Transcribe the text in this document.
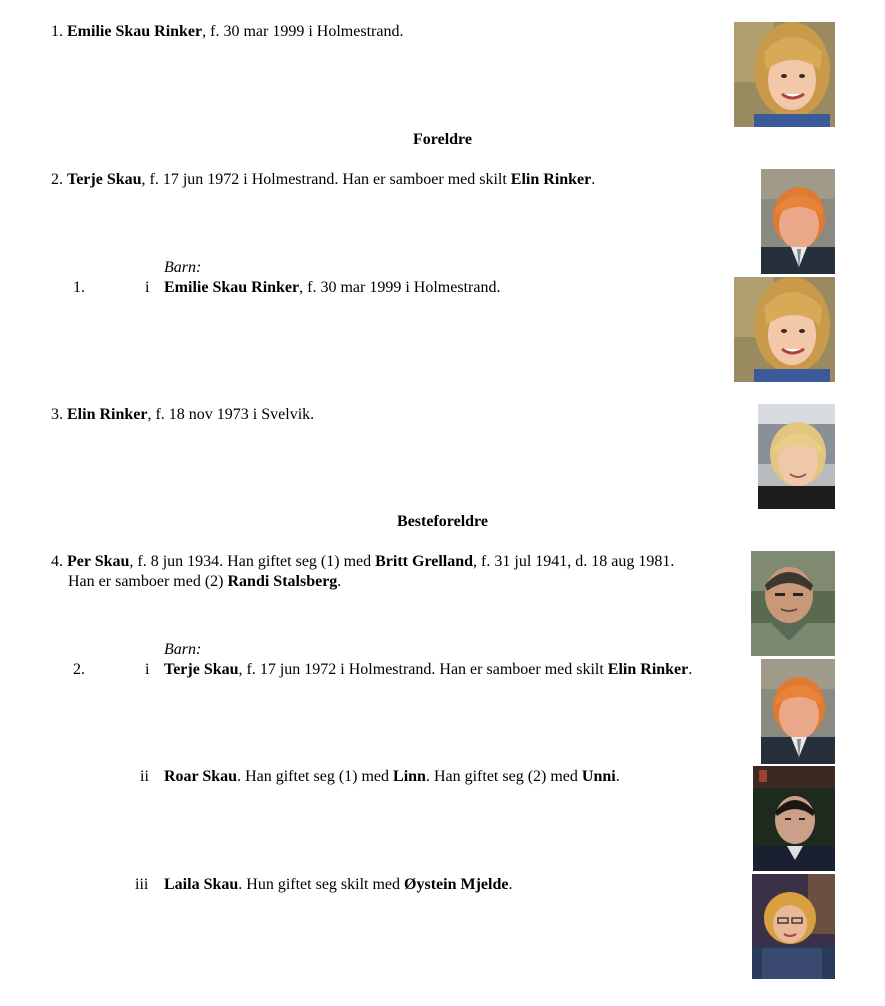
1. Emilie Skau Rinker, f. 30 mar 1999 i Holmestrand.
Foreldre
2. Terje Skau, f. 17 jun 1972 i Holmestrand. Han er samboer med skilt Elin Rinker.
Barn:
1.	i Emilie Skau Rinker, f. 30 mar 1999 i Holmestrand.
3. Elin Rinker, f. 18 nov 1973 i Svelvik.
Besteforeldre
4. Per Skau, f. 8 jun 1934. Han giftet seg (1) med Britt Grelland, f. 31 jul 1941, d. 18 aug 1981.
Han er samboer med (2) Randi Stalsberg.
Barn:
2.	i Terje Skau, f. 17 jun 1972 i Holmestrand. Han er samboer med skilt Elin Rinker.
ii Roar Skau. Han giftet seg (1) med Linn. Han giftet seg (2) med Unni.
iii Laila Skau. Hun giftet seg skilt med Øystein Mjelde.
